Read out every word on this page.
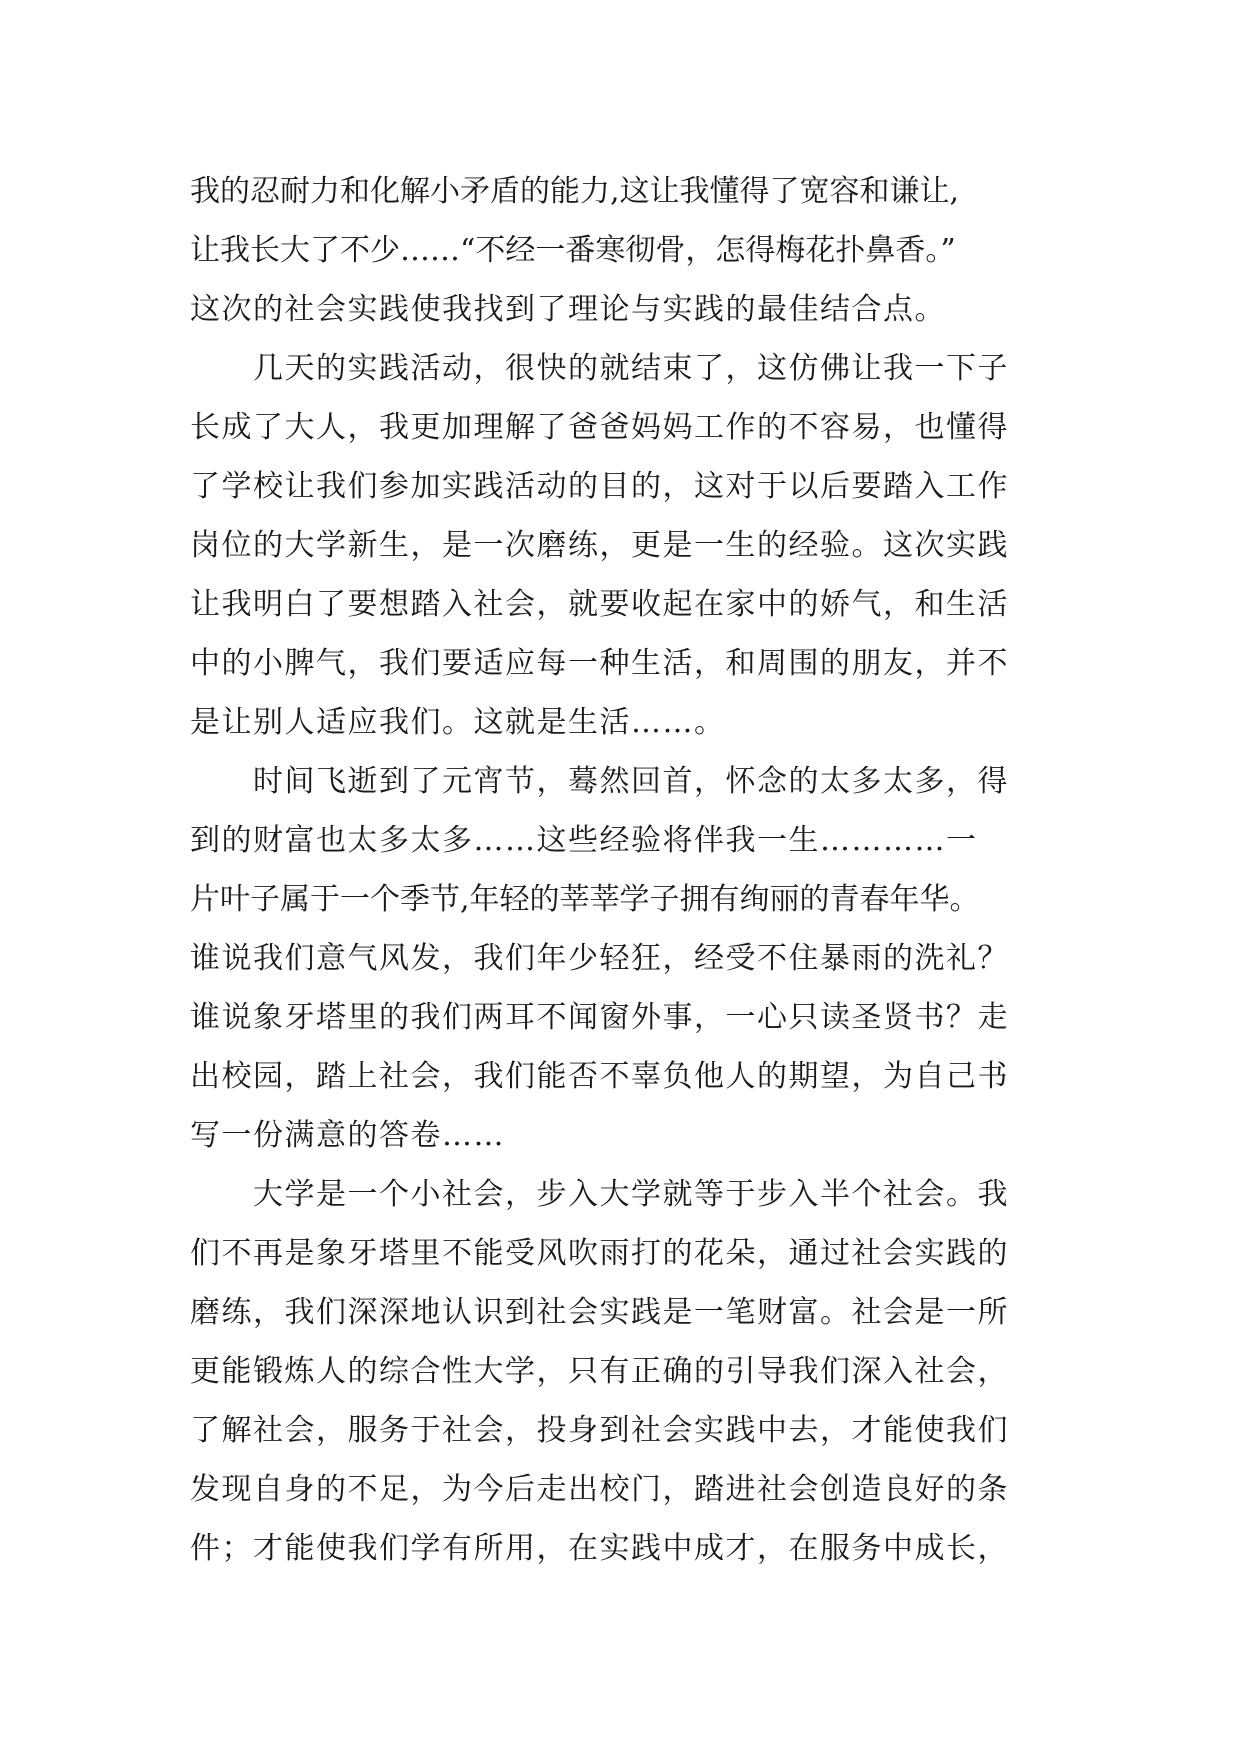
我的忍耐力和化解小矛盾的能力,这让我懂得了宽容和谦让,
让我长大了不少……“不经一番寒彻骨，怎得梅花扑鼻香。”
这次的社会实践使我找到了理论与实践的最佳结合点。
　　几天的实践活动，很快的就结束了，这仿佛让我一下子
长成了大人，我更加理解了爸爸妈妈工作的不容易，也懂得
了学校让我们参加实践活动的目的，这对于以后要踏入工作
岗位的大学新生，是一次磨练，更是一生的经验。这次实践
让我明白了要想踏入社会，就要收起在家中的娇气，和生活
中的小脾气，我们要适应每一种生活，和周围的朋友，并不
是让别人适应我们。这就是生活……。
　　时间飞逝到了元宵节，蓦然回首，怀念的太多太多，得
到的财富也太多太多……这些经验将伴我一生…………一
片叶子属于一个季节,年轻的莘莘学子拥有绚丽的青春年华。
谁说我们意气风发，我们年少轻狂，经受不住暴雨的洗礼？
谁说象牙塔里的我们两耳不闻窗外事，一心只读圣贤书？走
出校园，踏上社会，我们能否不辜负他人的期望，为自己书
写一份满意的答卷……
　　大学是一个小社会，步入大学就等于步入半个社会。我
们不再是象牙塔里不能受风吹雨打的花朵，通过社会实践的
磨练，我们深深地认识到社会实践是一笔财富。社会是一所
更能锻炼人的综合性大学，只有正确的引导我们深入社会，
了解社会，服务于社会，投身到社会实践中去，才能使我们
发现自身的不足，为今后走出校门，踏进社会创造良好的条
件；才能使我们学有所用，在实践中成才，在服务中成长，
